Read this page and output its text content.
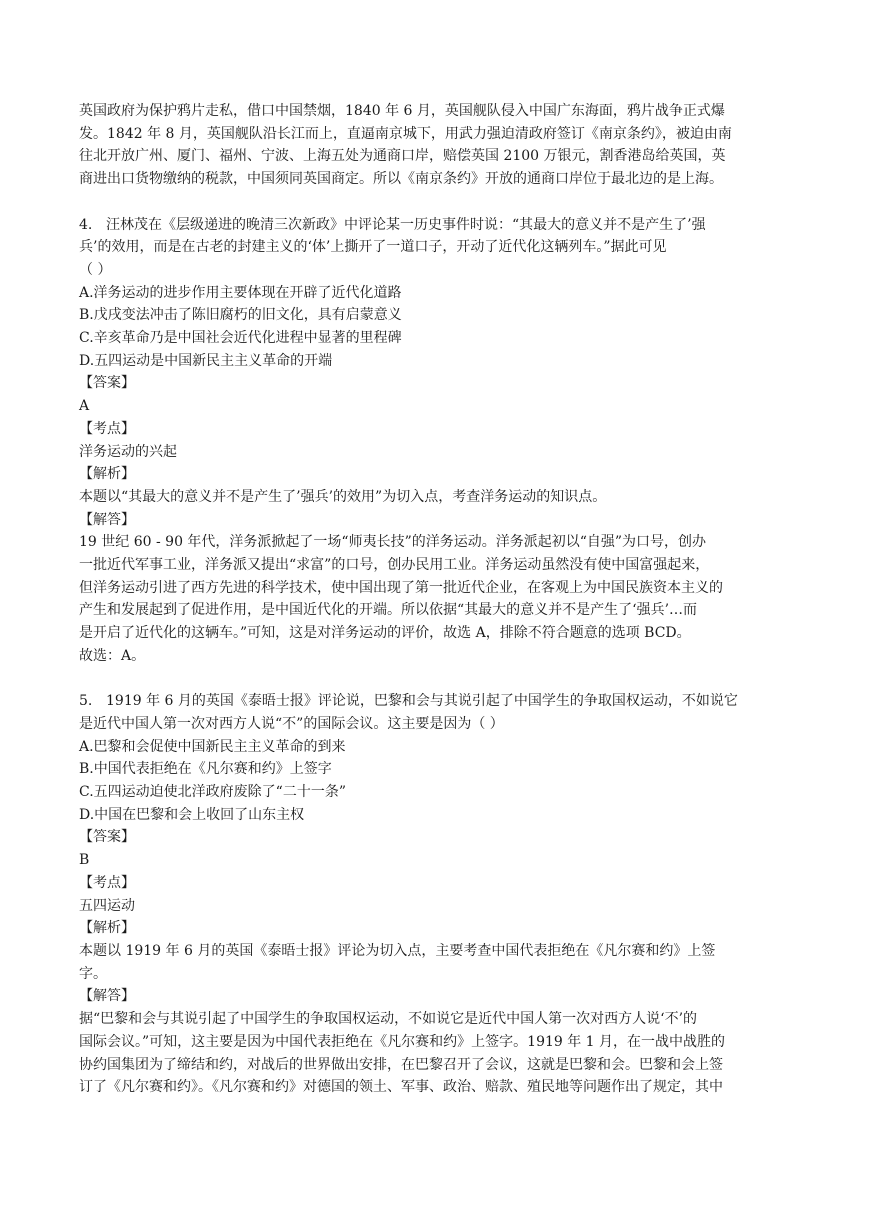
英国政府为保护鸦片走私，借口中国禁烟，1840 年 6 月，英国舰队侵入中国广东海面，鸦片战争正式爆

发。1842 年 8 月，英国舰队沿长江而上，直逼南京城下，用武力强迫清政府签订《南京条约》，被迫由南

往北开放广州、厦门、福州、宁波、上海五处为通商口岸，赔偿英国 2100 万银元，割香港岛给英国，英

商进出口货物缴纳的税款，中国须同英国商定。所以《南京条约》开放的通商口岸位于最北边的是上海。

4. 汪林茂在《层级递进的晚清三次新政》中评论某一历史事件时说：“其最大的意义并不是产生了’强

兵’的效用，而是在古老的封建主义的‘体’上撕开了一道口子，开动了近代化这辆列车。”据此可见

（ ）

A.洋务运动的进步作用主要体现在开辟了近代化道路

B.戊戌变法冲击了陈旧腐朽的旧文化，具有启蒙意义

C.辛亥革命乃是中国社会近代化进程中显著的里程碑

D.五四运动是中国新民主主义革命的开端

【答案】

A

【考点】

洋务运动的兴起

【解析】

本题以“其最大的意义并不是产生了’强兵’的效用”为切入点，考查洋务运动的知识点。

【解答】

19 世纪 60 - 90 年代，洋务派掀起了一场“师夷长技”的洋务运动。洋务派起初以“自强”为口号，创办

一批近代军事工业，洋务派又提出“求富”的口号，创办民用工业。洋务运动虽然没有使中国富强起来，

但洋务运动引进了西方先进的科学技术，使中国出现了第一批近代企业，在客观上为中国民族资本主义的

产生和发展起到了促进作用，是中国近代化的开端。所以依据“其最大的意义并不是产生了‘强兵’…而

是开启了近代化的这辆车。”可知，这是对洋务运动的评价，故选 A，排除不符合题意的选项 BCD。

故选：A。

5. 1919 年 6 月的英国《泰晤士报》评论说，巴黎和会与其说引起了中国学生的争取国权运动，不如说它

是近代中国人第一次对西方人说“不”的国际会议。这主要是因为（ ）

A.巴黎和会促使中国新民主主义革命的到来

B.中国代表拒绝在《凡尔赛和约》上签字

C.五四运动迫使北洋政府废除了“二十一条”

D.中国在巴黎和会上收回了山东主权

【答案】

B

【考点】

五四运动

【解析】

本题以 1919 年 6 月的英国《泰晤士报》评论为切入点，主要考查中国代表拒绝在《凡尔赛和约》上签

字。

【解答】

据“巴黎和会与其说引起了中国学生的争取国权运动，不如说它是近代中国人第一次对西方人说‘不’的

国际会议。”可知，这主要是因为中国代表拒绝在《凡尔赛和约》上签字。1919 年 1 月，在一战中战胜的

协约国集团为了缔结和约，对战后的世界做出安排，在巴黎召开了会议，这就是巴黎和会。巴黎和会上签

订了《凡尔赛和约》。《凡尔赛和约》对德国的领土、军事、政治、赔款、殖民地等问题作出了规定，其中
